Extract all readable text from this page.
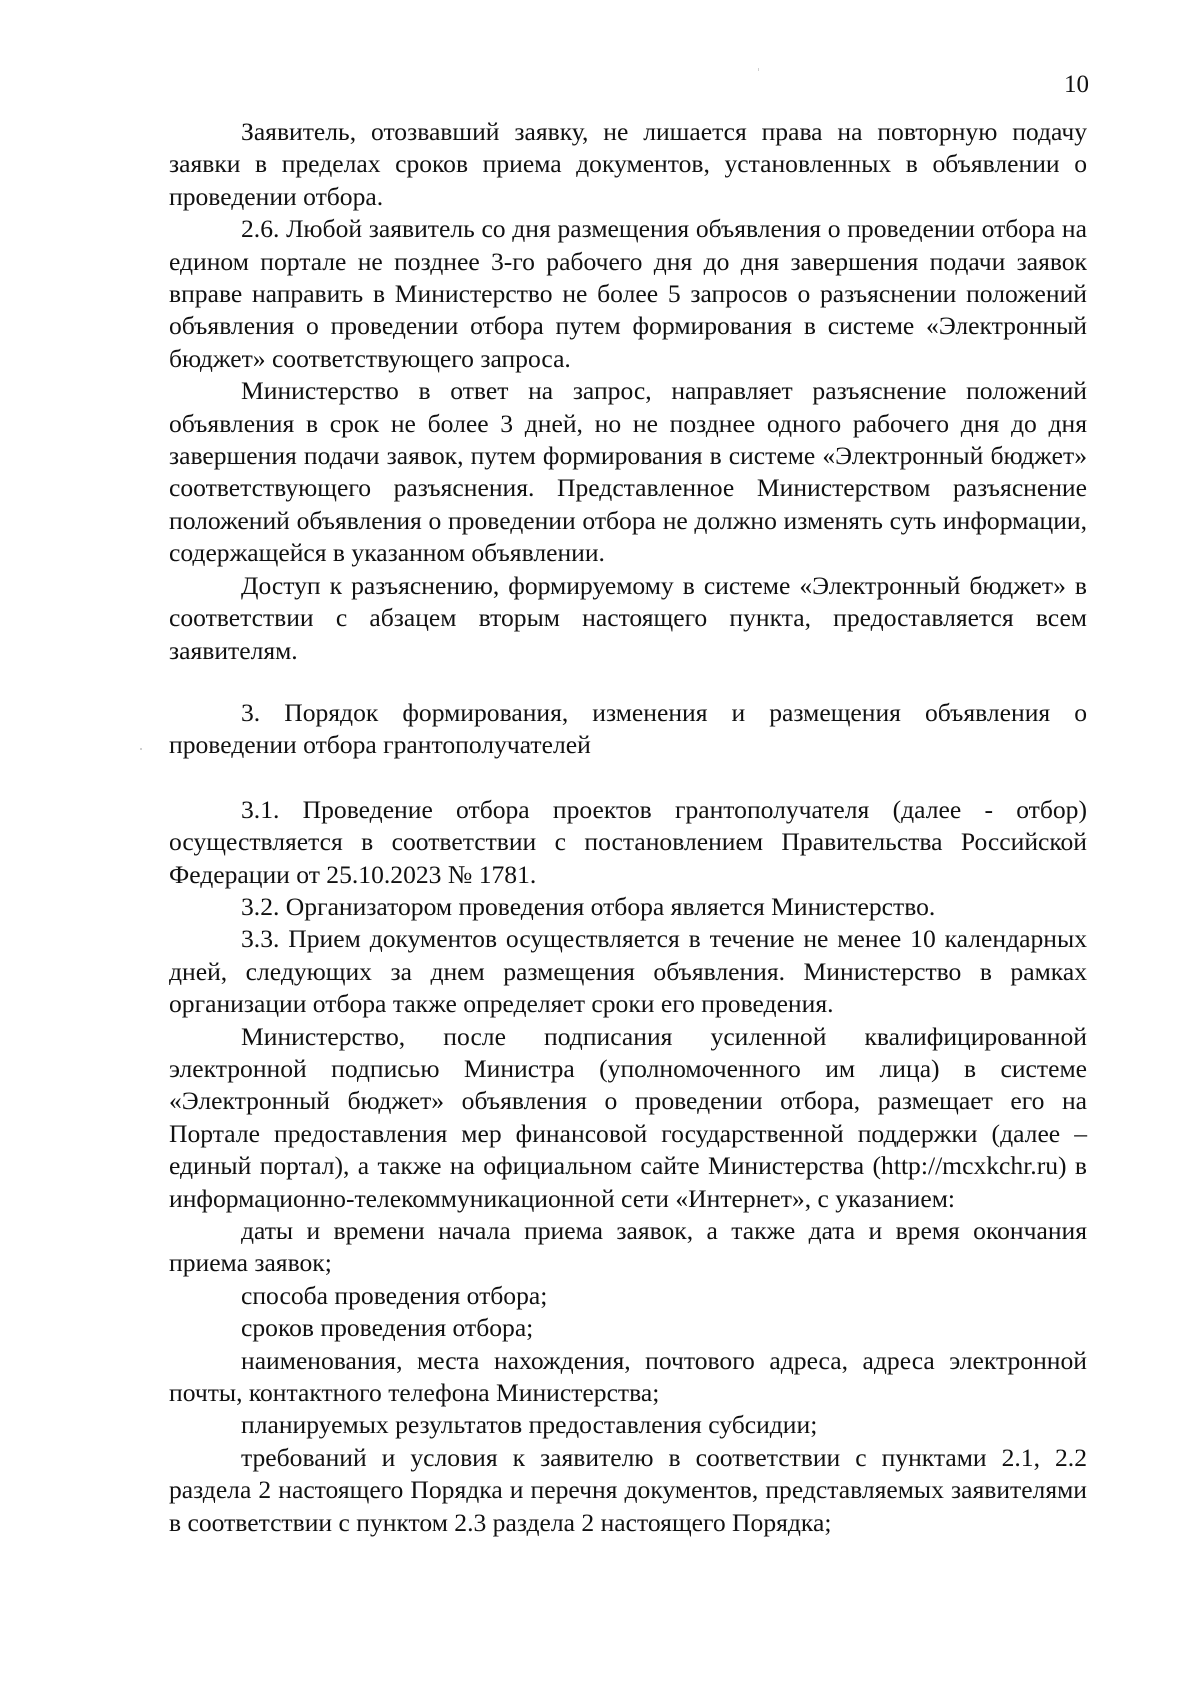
10

Заявитель, отозвавший заявку, не лишается права на повторную подачу заявки в пределах сроков приема документов, установленных в объявлении о проведении отбора.

2.6. Любой заявитель со дня размещения объявления о проведении отбора на едином портале не позднее 3-го рабочего дня до дня завершения подачи заявок вправе направить в Министерство не более 5 запросов о разъяснении положений объявления о проведении отбора путем формирования в системе «Электронный бюджет» соответствующего запроса.

Министерство в ответ на запрос, направляет разъяснение положений объявления в срок не более 3 дней, но не позднее одного рабочего дня до дня завершения подачи заявок, путем формирования в системе «Электронный бюджет» соответствующего разъяснения. Представленное Министерством разъяснение положений объявления о проведении отбора не должно изменять суть информации, содержащейся в указанном объявлении.

Доступ к разъяснению, формируемому в системе «Электронный бюджет» в соответствии с абзацем вторым настоящего пункта, предоставляется всем заявителям.

3. Порядок формирования, изменения и размещения объявления о проведении отбора грантополучателей

3.1. Проведение отбора проектов грантополучателя (далее - отбор) осуществляется в соответствии с постановлением Правительства Российской Федерации от 25.10.2023 № 1781.

3.2. Организатором проведения отбора является Министерство.

3.3. Прием документов осуществляется в течение не менее 10 календарных дней, следующих за днем размещения объявления. Министерство в рамках организации отбора также определяет сроки его проведения.

Министерство, после подписания усиленной квалифицированной электронной подписью Министра (уполномоченного им лица) в системе «Электронный бюджет» объявления о проведении отбора, размещает его на Портале предоставления мер финансовой государственной поддержки (далее – единый портал), а также на официальном сайте Министерства (http://mcxkchr.ru) в информационно-телекоммуникационной сети «Интернет», с указанием:

даты и времени начала приема заявок, а также дата и время окончания приема заявок;

способа проведения отбора;

сроков проведения отбора;

наименования, места нахождения, почтового адреса, адреса электронной почты, контактного телефона Министерства;

планируемых результатов предоставления субсидии;

требований и условия к заявителю в соответствии с пунктами 2.1, 2.2 раздела 2 настоящего Порядка и перечня документов, представляемых заявителями в соответствии с пунктом 2.3 раздела 2 настоящего Порядка;
